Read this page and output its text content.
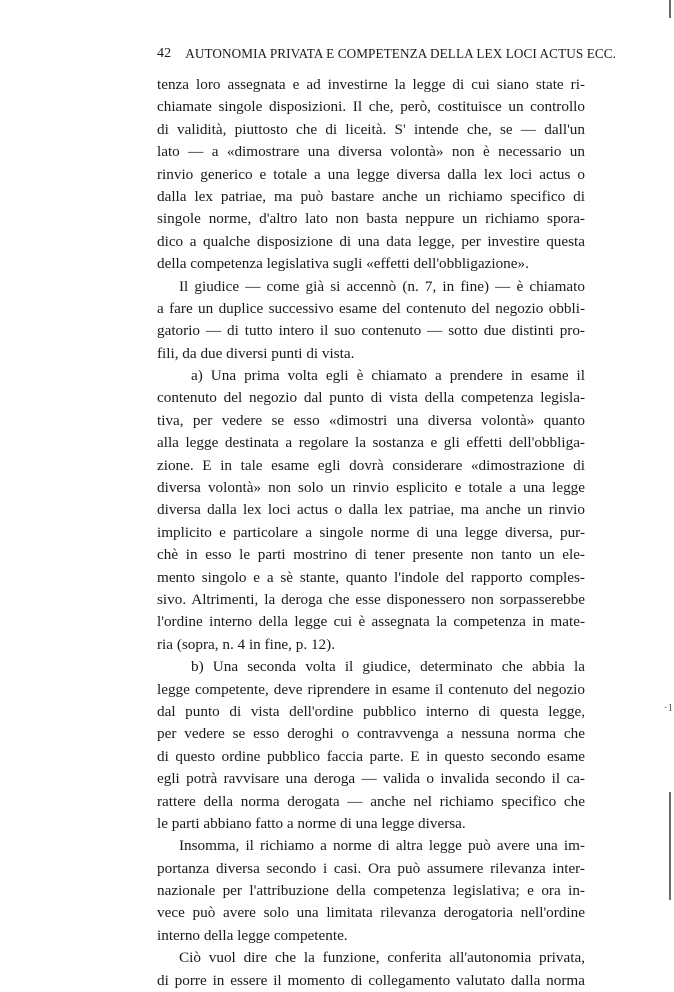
42 AUTONOMIA PRIVATA E COMPETENZA DELLA LEX LOCI ACTUS ECC.
tenza loro assegnata e ad investirne la legge di cui siano state ri-
chiamate singole disposizioni. Il che, però, costituisce un controllo
di validità, piuttosto che di liceità. S' intende che, se — dall'un
lato — a «dimostrare una diversa volontà» non è necessario un
rinvio generico e totale a una legge diversa dalla lex loci actus o
dalla lex patriae, ma può bastare anche un richiamo specifico di
singole norme, d'altro lato non basta neppure un richiamo spora-
dico a qualche disposizione di una data legge, per investire questa
della competenza legislativa sugli «effetti dell'obbligazione».
Il giudice — come già si accennò (n. 7, in fine) — è chiamato
a fare un duplice successivo esame del contenuto del negozio obbli-
gatorio — di tutto intero il suo contenuto — sotto due distinti pro-
fili, da due diversi punti di vista.
a) Una prima volta egli è chiamato a prendere in esame il
contenuto del negozio dal punto di vista della competenza legisla-
tiva, per vedere se esso «dimostri una diversa volontà» quanto
alla legge destinata a regolare la sostanza e gli effetti dell'obbliga-
zione. E in tale esame egli dovrà considerare «dimostrazione di
diversa volontà» non solo un rinvio esplicito e totale a una legge
diversa dalla lex loci actus o dalla lex patriae, ma anche un rinvio
implicito e particolare a singole norme di una legge diversa, pur-
chè in esso le parti mostrino di tener presente non tanto un ele-
mento singolo e a sè stante, quanto l'indole del rapporto comples-
sivo. Altrimenti, la deroga che esse disponessero non sorpasserebbe
l'ordine interno della legge cui è assegnata la competenza in mate-
ria (sopra, n. 4 in fine, p. 12).
b) Una seconda volta il giudice, determinato che abbia la
legge competente, deve riprendere in esame il contenuto del negozio
dal punto di vista dell'ordine pubblico interno di questa legge,
per vedere se esso deroghi o contravvenga a nessuna norma che
di questo ordine pubblico faccia parte. E in questo secondo esame
egli potrà ravvisare una deroga — valida o invalida secondo il ca-
rattere della norma derogata — anche nel richiamo specifico che
le parti abbiano fatto a norme di una legge diversa.
Insomma, il richiamo a norme di altra legge può avere una im-
portanza diversa secondo i casi. Ora può assumere rilevanza inter-
nazionale per l'attribuzione della competenza legislativa; e ora in-
vece può avere solo una limitata rilevanza derogatoria nell'ordine
interno della legge competente.
Ciò vuol dire che la funzione, conferita all'autonomia privata,
di porre in essere il momento di collegamento valutato dalla norma
·1
